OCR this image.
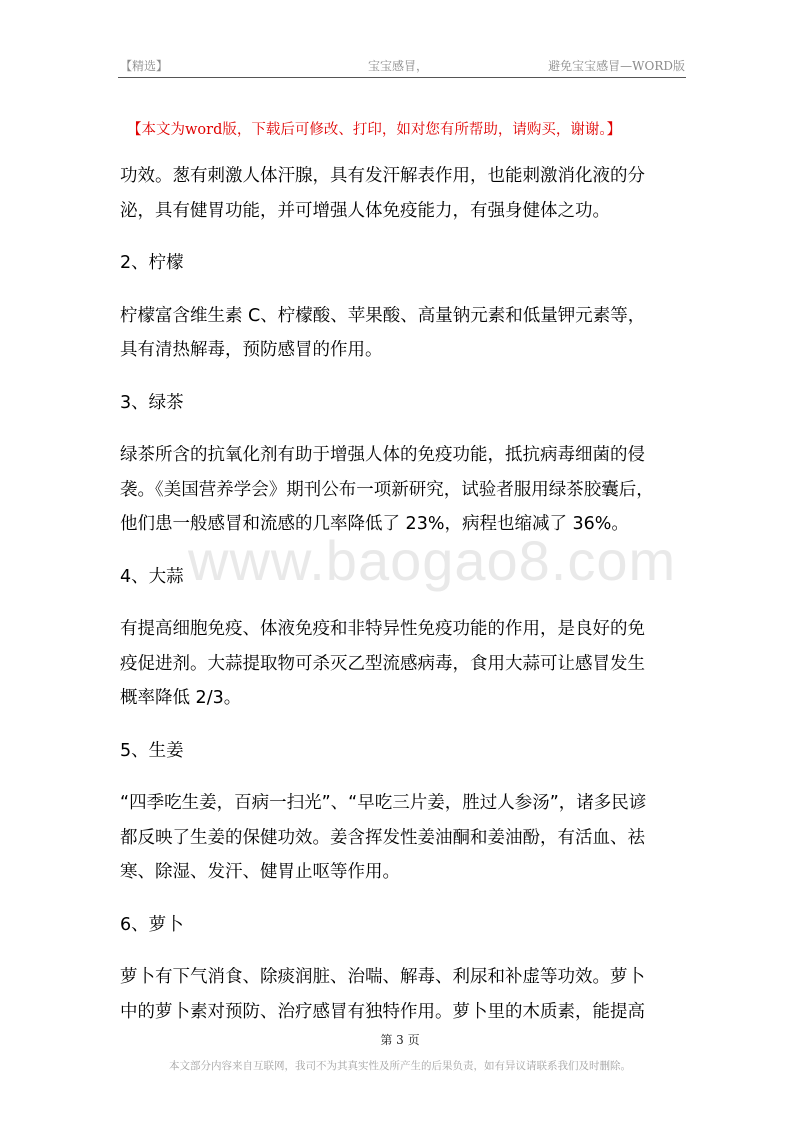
【精选】	宝宝感冒，	避免宝宝感冒—WORD版
【本文为word版，下载后可修改、打印，如对您有所帮助，请购买，谢谢。】
www.baogao8.com

功效。葱有刺激人体汗腺，具有发汗解表作用，也能刺激消化液的分
泌，具有健胃功能，并可增强人体免疫能力，有强身健体之功。

2、柠檬

柠檬富含维生素 C、柠檬酸、苹果酸、高量钠元素和低量钾元素等，
具有清热解毒，预防感冒的作用。

3、绿茶

绿茶所含的抗氧化剂有助于增强人体的免疫功能，抵抗病毒细菌的侵
袭。《美国营养学会》期刊公布一项新研究，试验者服用绿茶胶囊后，
他们患一般感冒和流感的几率降低了 23%，病程也缩减了 36%。

4、大蒜

有提高细胞免疫、体液免疫和非特异性免疫功能的作用，是良好的免
疫促进剂。大蒜提取物可杀灭乙型流感病毒，食用大蒜可让感冒发生
概率降低 2/3。

5、生姜

“四季吃生姜，百病一扫光”、“早吃三片姜，胜过人参汤”，诸多民谚
都反映了生姜的保健功效。姜含挥发性姜油酮和姜油酚，有活血、祛
寒、除湿、发汗、健胃止呕等作用。

6、萝卜

萝卜有下气消食、除痰润脏、治喘、解毒、利尿和补虚等功效。萝卜
中的萝卜素对预防、治疗感冒有独特作用。萝卜里的木质素，能提高

第 3 页
本文部分内容来自互联网，我司不为其真实性及所产生的后果负责，如有异议请联系我们及时删除。
